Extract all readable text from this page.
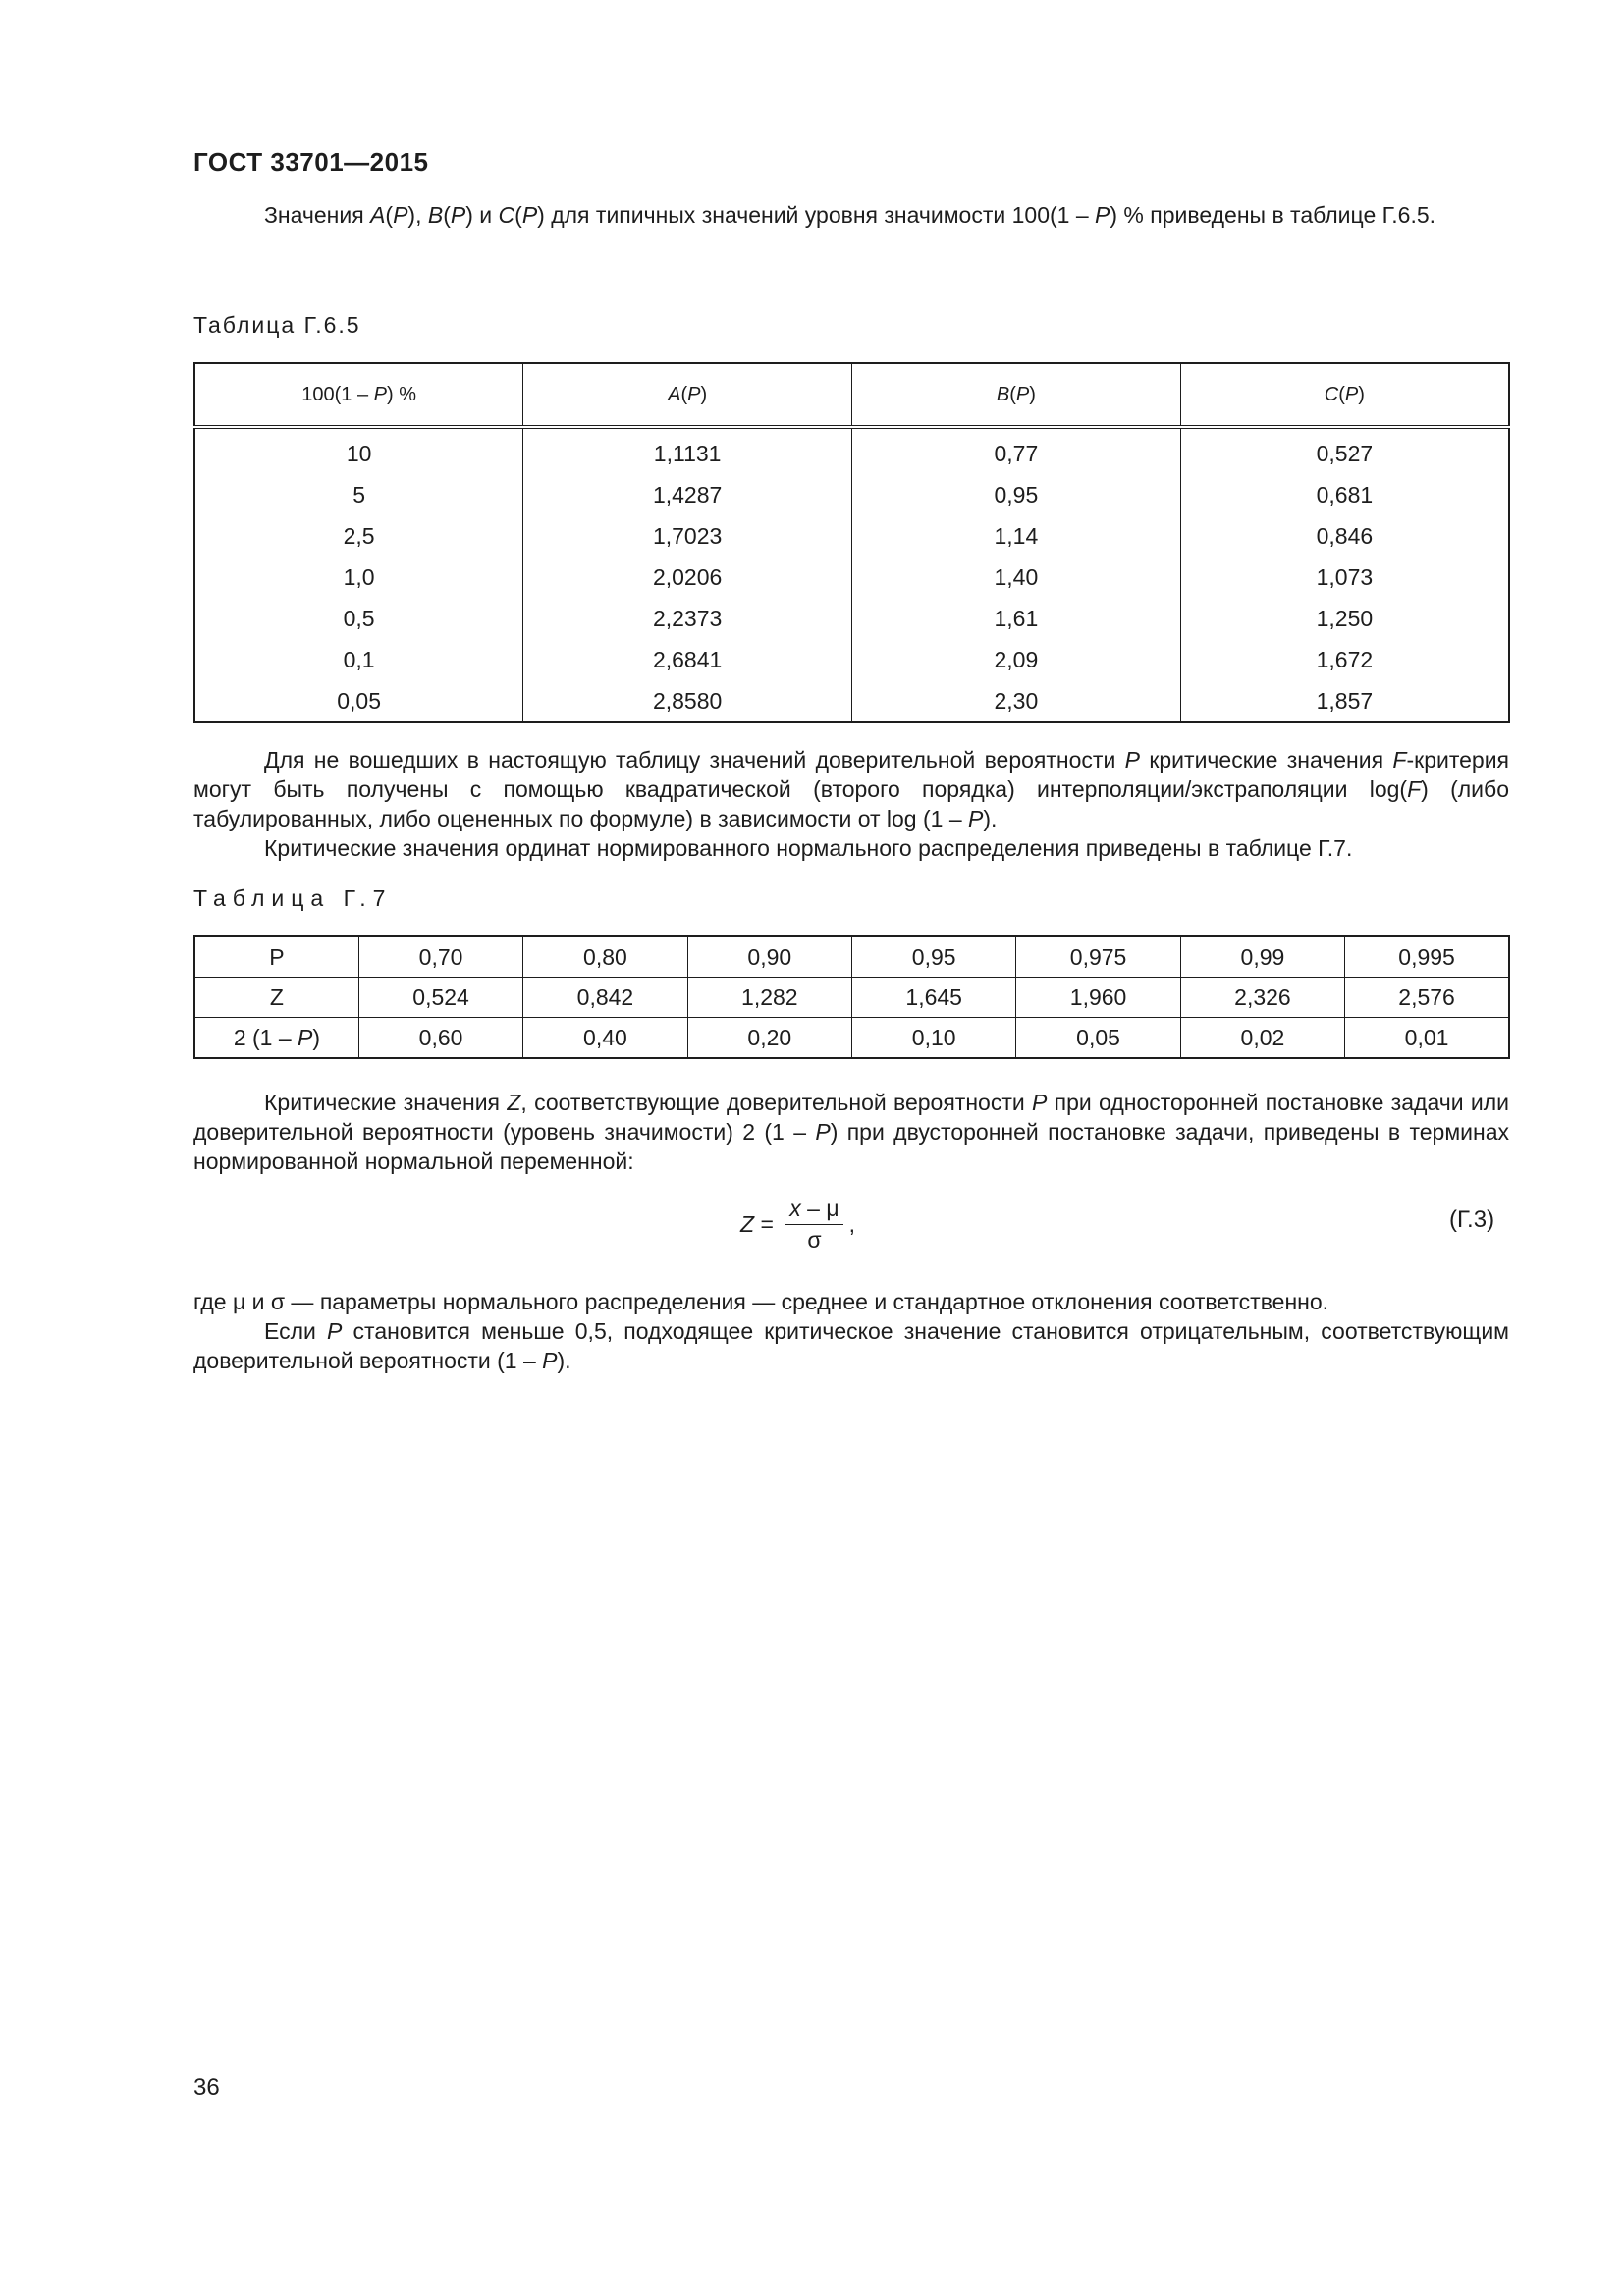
ГОСТ 33701—2015

Значения A(P), B(P) и C(P) для типичных значений уровня значимости 100(1 – P) % приведены в таблице Г.6.5.

Таблица Г.6.5
100(1 – P) %	A(P)	B(P)	C(P)
10	1,1131	0,77	0,527
5	1,4287	0,95	0,681
2,5	1,7023	1,14	0,846
1,0	2,0206	1,40	1,073
0,5	2,2373	1,61	1,250
0,1	2,6841	2,09	1,672
0,05	2,8580	2,30	1,857

Для не вошедших в настоящую таблицу значений доверительной вероятности P критические значения F-критерия могут быть получены с помощью квадратической (второго порядка) интерполяции/экстраполяции log(F) (либо табулированных, либо оцененных по формуле) в зависимости от log (1 – P).

Критические значения ординат нормированного нормального распределения приведены в таблице Г.7.

Таблица Г.7
P	0,70	0,80	0,90	0,95	0,975	0,99	0,995
Z	0,524	0,842	1,282	1,645	1,960	2,326	2,576
2 (1 – P)	0,60	0,40	0,20	0,10	0,05	0,02	0,01

Критические значения Z, соответствующие доверительной вероятности P при односторонней постановке задачи или доверительной вероятности (уровень значимости) 2 (1 – P) при двусторонней постановке задачи, приведены в терминах нормированной нормальной переменной:

$Z = \frac{x - \mu}{\sigma}$ ,	(Г.3)

где μ и σ — параметры нормального распределения — среднее и стандартное отклонения соответственно.

Если P становится меньше 0,5, подходящее критическое значение становится отрицательным, соответствующим доверительной вероятности (1 – P).

36
